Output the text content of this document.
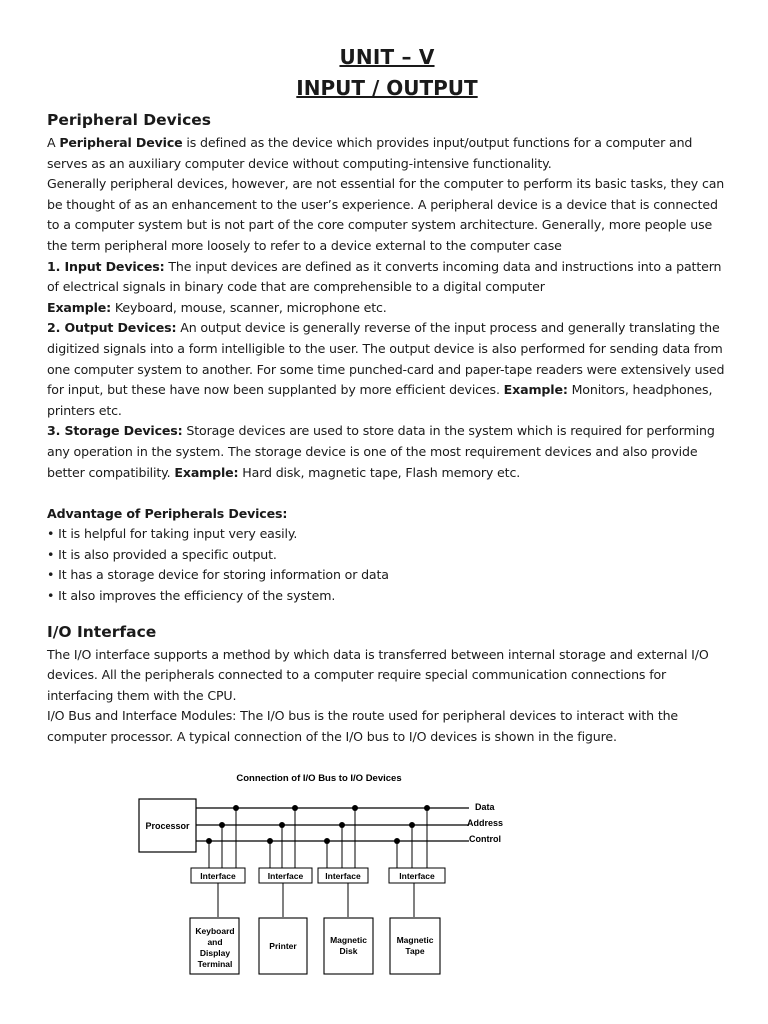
UNIT – V
INPUT / OUTPUT
Peripheral Devices

A Peripheral Device is defined as the device which provides input/output functions for a computer and serves as an auxiliary computer device without computing-intensive functionality.

Generally peripheral devices, however, are not essential for the computer to perform its basic tasks, they can be thought of as an enhancement to the user’s experience. A peripheral device is a device that is connected to a computer system but is not part of the core computer system architecture. Generally, more people use the term peripheral more loosely to refer to a device external to the computer case

1. Input Devices: The input devices are defined as it converts incoming data and instructions into a pattern of electrical signals in binary code that are comprehensible to a digital computer

Example: Keyboard, mouse, scanner, microphone etc.

2. Output Devices: An output device is generally reverse of the input process and generally translating the digitized signals into a form intelligible to the user. The output device is also performed for sending data from one computer system to another. For some time punched-card and paper-tape readers were extensively used for input, but these have now been supplanted by more efficient devices. Example: Monitors, headphones, printers etc.

3. Storage Devices: Storage devices are used to store data in the system which is required for performing any operation in the system. The storage device is one of the most requirement devices and also provide better compatibility. Example: Hard disk, magnetic tape, Flash memory etc.

Advantage of Peripherals Devices:

• It is helpful for taking input very easily.
• It is also provided a specific output.
• It has a storage device for storing information or data
• It also improves the efficiency of the system.
I/O Interface

The I/O interface supports a method by which data is transferred between internal storage and external I/O devices. All the peripherals connected to a computer require special communication connections for interfacing them with the CPU.

I/O Bus and Interface Modules: The I/O bus is the route used for peripheral devices to interact with the computer processor. A typical connection of the I/O bus to I/O devices is shown in the figure.

Connection of I/O Bus to I/O Devices
Processor
Data
Address
Control
Interface
Keyboard
and
Display
Terminal
Interface
Printer
Interface
Magnetic
Disk
Interface
Magnetic
Tape
